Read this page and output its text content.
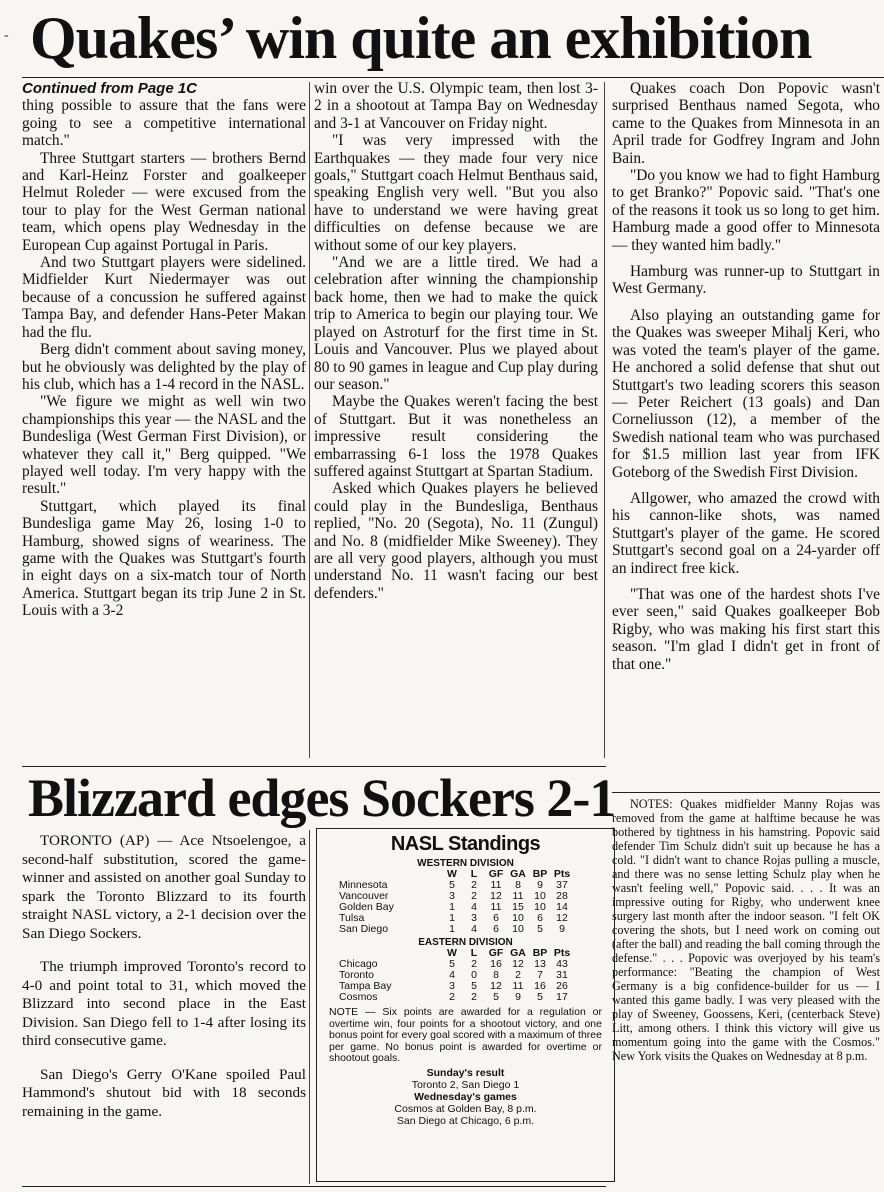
- Quakes’ win quite an exhibition

Continued from Page 1C

thing possible to assure that the fans were going to see a competitive international match."

Three Stuttgart starters — brothers Bernd and Karl-Heinz Forster and goalkeeper Helmut Roleder — were excused from the tour to play for the West German national team, which opens play Wednesday in the European Cup against Portugal in Paris.

And two Stuttgart players were sidelined. Midfielder Kurt Niedermayer was out because of a concussion he suffered against Tampa Bay, and defender Hans-Peter Makan had the flu.

Berg didn't comment about saving money, but he obviously was delighted by the play of his club, which has a 1-4 record in the NASL.

"We figure we might as well win two championships this year — the NASL and the Bundesliga (West German First Division), or whatever they call it," Berg quipped. "We played well today. I'm very happy with the result."

Stuttgart, which played its final Bundesliga game May 26, losing 1-0 to Hamburg, showed signs of weariness. The game with the Quakes was Stuttgart's fourth in eight days on a six-match tour of North America. Stuttgart began its trip June 2 in St. Louis with a 3-2

win over the U.S. Olympic team, then lost 3-2 in a shootout at Tampa Bay on Wednesday and 3-1 at Vancouver on Friday night.

"I was very impressed with the Earthquakes — they made four very nice goals," Stuttgart coach Helmut Benthaus said, speaking English very well. "But you also have to understand we were having great difficulties on defense because we are without some of our key players.

"And we are a little tired. We had a celebration after winning the championship back home, then we had to make the quick trip to America to begin our playing tour. We played on Astroturf for the first time in St. Louis and Vancouver. Plus we played about 80 to 90 games in league and Cup play during our season."

Maybe the Quakes weren't facing the best of Stuttgart. But it was nonetheless an impressive result considering the embarrassing 6-1 loss the 1978 Quakes suffered against Stuttgart at Spartan Stadium.

Asked which Quakes players he believed could play in the Bundesliga, Benthaus replied, "No. 20 (Segota), No. 11 (Zungul) and No. 8 (midfielder Mike Sweeney). They are all very good players, although you must understand No. 11 wasn't facing our best defenders."

Quakes coach Don Popovic wasn't surprised Benthaus named Segota, who came to the Quakes from Minnesota in an April trade for Godfrey Ingram and John Bain.

"Do you know we had to fight Hamburg to get Branko?" Popovic said. "That's one of the reasons it took us so long to get him. Hamburg made a good offer to Minnesota — they wanted him badly."

Hamburg was runner-up to Stuttgart in West Germany.

Also playing an outstanding game for the Quakes was sweeper Mihalj Keri, who was voted the team's player of the game. He anchored a solid defense that shut out Stuttgart's two leading scorers this season — Peter Reichert (13 goals) and Dan Corneliusson (12), a member of the Swedish national team who was purchased for $1.5 million last year from IFK Goteborg of the Swedish First Division.

Allgower, who amazed the crowd with his cannon-like shots, was named Stuttgart's player of the game. He scored Stuttgart's second goal on a 24-yarder off an indirect free kick.

"That was one of the hardest shots I've ever seen," said Quakes goalkeeper Bob Rigby, who was making his first start this season. "I'm glad I didn't get in front of that one."

NOTES: Quakes midfielder Manny Rojas was removed from the game at halftime because he was bothered by tightness in his hamstring. Popovic said defender Tim Schulz didn't suit up because he has a cold. "I didn't want to chance Rojas pulling a muscle, and there was no sense letting Schulz play when he wasn't feeling well," Popovic said. . . . It was an impressive outing for Rigby, who underwent knee surgery last month after the indoor season. "I felt OK covering the shots, but I need work on coming out (after the ball) and reading the ball coming through the defense." . . . Popovic was overjoyed by his team's performance: "Beating the champion of West Germany is a big confidence-builder for us — I wanted this game badly. I was very pleased with the play of Sweeney, Goossens, Keri, (centerback Steve) Litt, among others. I think this victory will give us momentum going into the game with the Cosmos." New York visits the Quakes on Wednesday at 8 p.m.

Blizzard edges Sockers 2-1

TORONTO (AP) — Ace Ntsoelengoe, a second-half substitution, scored the game-winner and assisted on another goal Sunday to spark the Toronto Blizzard to its fourth straight NASL victory, a 2-1 decision over the San Diego Sockers.

The triumph improved Toronto's record to 4-0 and point total to 31, which moved the Blizzard into second place in the East Division. San Diego fell to 1-4 after losing its third consecutive game.

San Diego's Gerry O'Kane spoiled Paul Hammond's shutout bid with 18 seconds remaining in the game.

NASL Standings
WESTERN DIVISION
	W	L	GF	GA	BP	Pts
Minnesota	5	2	11	8	9	37
Vancouver	3	2	12	11	10	28
Golden Bay	1	4	11	15	10	14
Tulsa	1	3	6	10	6	12
San Diego	1	4	6	10	5	9
EASTERN DIVISION
	W	L	GF	GA	BP	Pts
Chicago	5	2	16	12	13	43
Toronto	4	0	8	2	7	31
Tampa Bay	3	5	12	11	16	26
Cosmos	2	2	5	9	5	17
NOTE — Six points are awarded for a regulation or overtime win, four points for a shootout victory, and one bonus point for every goal scored with a maximum of three per game. No bonus point is awarded for overtime or shootout goals.
Sunday's result
Toronto 2, San Diego 1
Wednesday's games
Cosmos at Golden Bay, 8 p.m.
San Diego at Chicago, 6 p.m.
